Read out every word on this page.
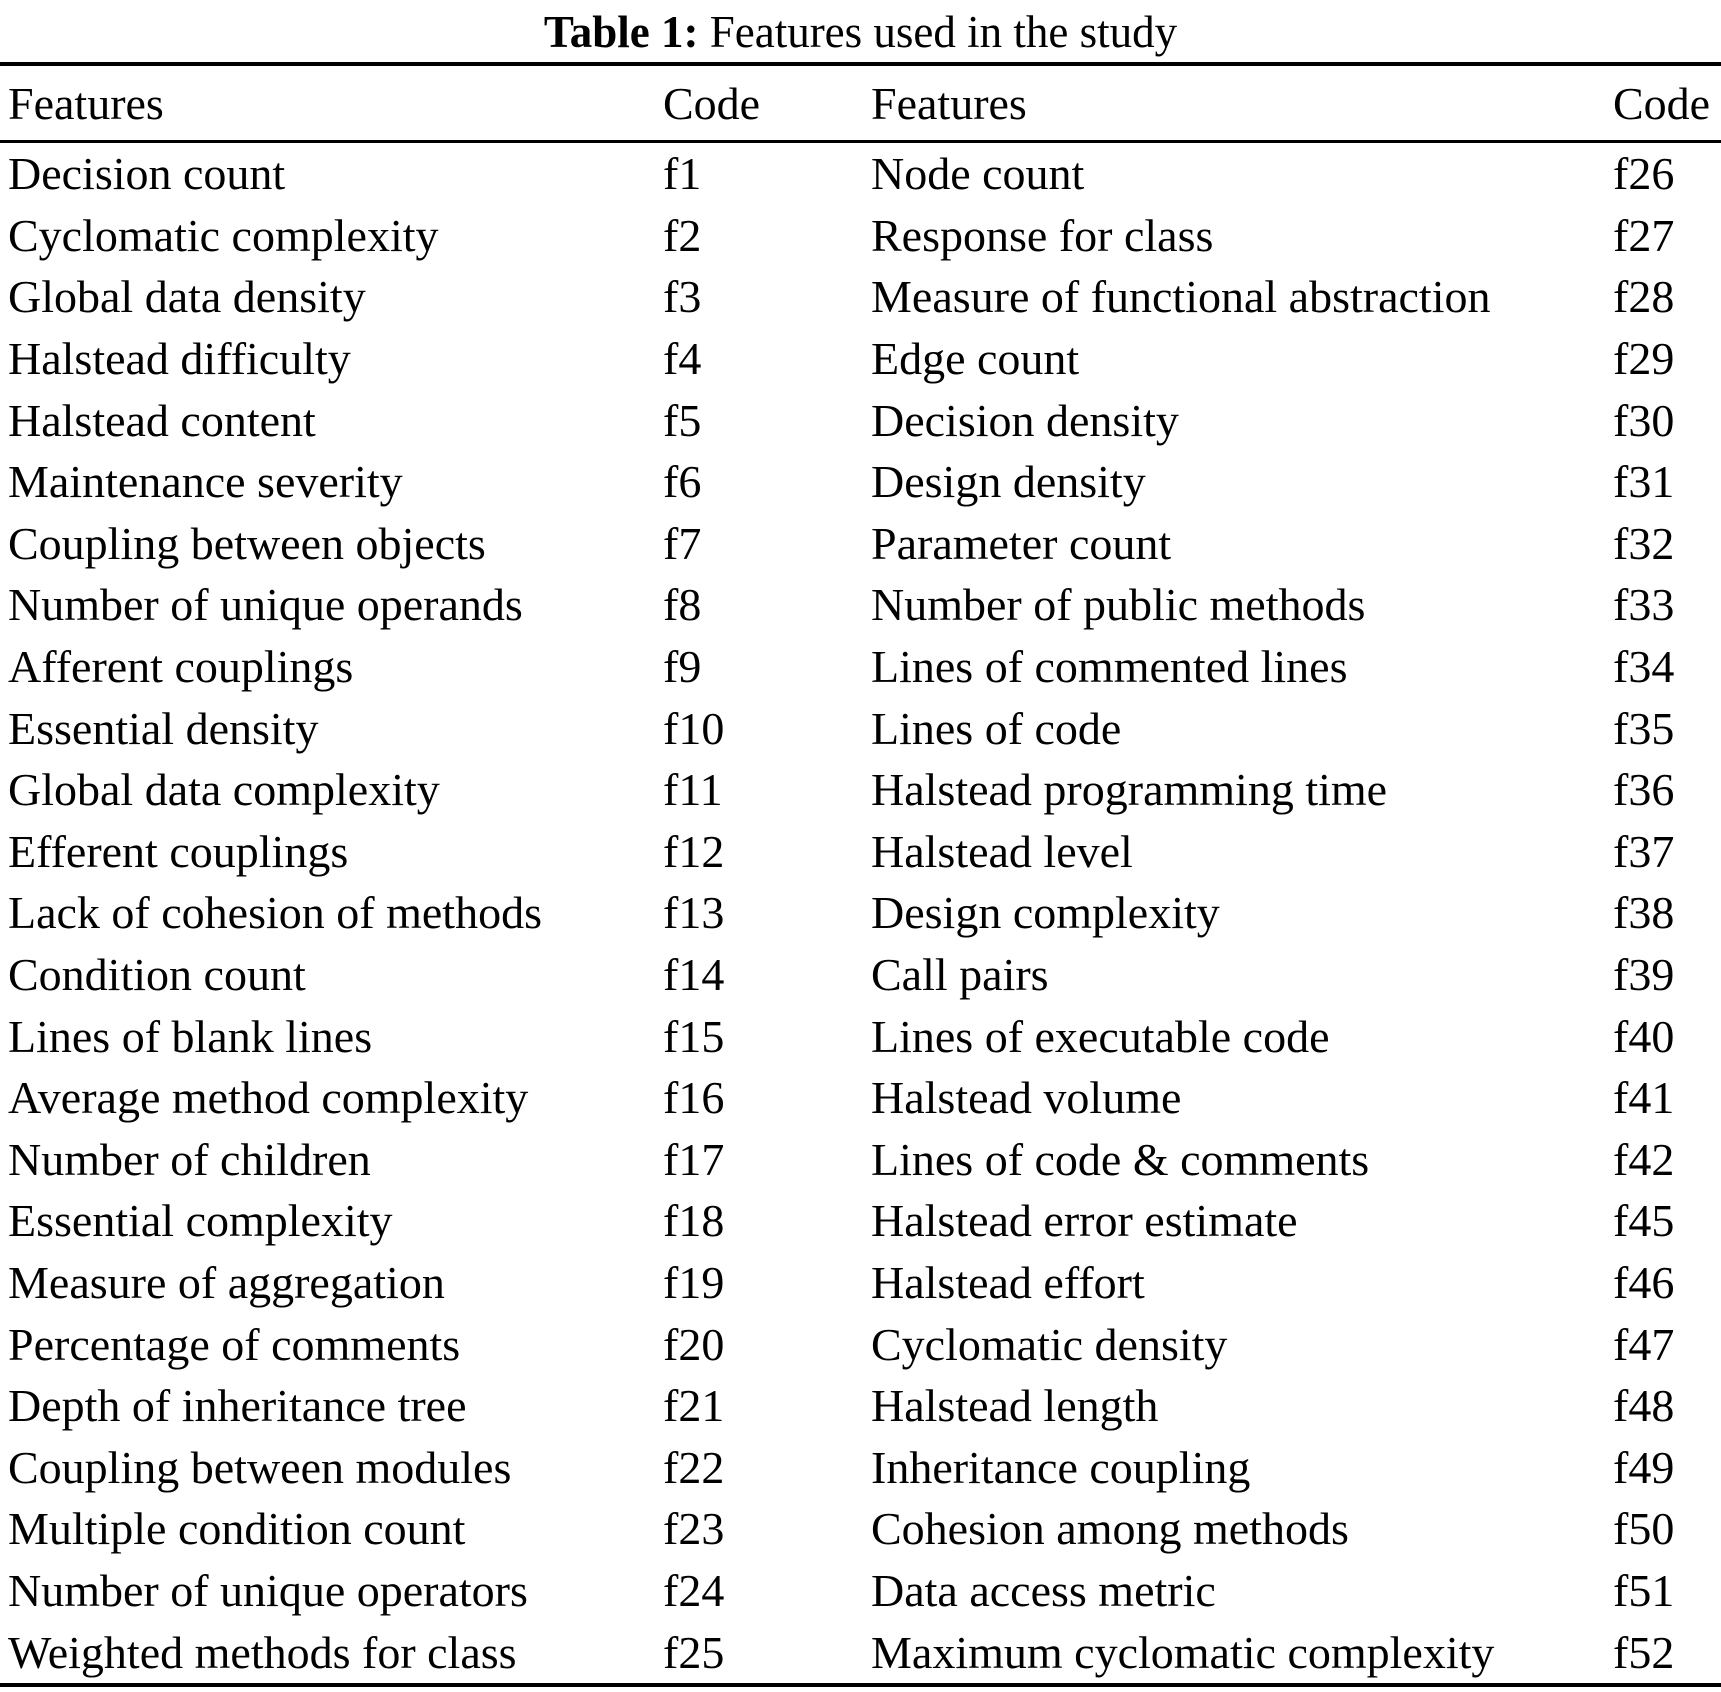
Table 1: Features used in the study
Features	Code	Features	Code
Decision count	f1	Node count	f26
Cyclomatic complexity	f2	Response for class	f27
Global data density	f3	Measure of functional abstraction	f28
Halstead difficulty	f4	Edge count	f29
Halstead content	f5	Decision density	f30
Maintenance severity	f6	Design density	f31
Coupling between objects	f7	Parameter count	f32
Number of unique operands	f8	Number of public methods	f33
Afferent couplings	f9	Lines of commented lines	f34
Essential density	f10	Lines of code	f35
Global data complexity	f11	Halstead programming time	f36
Efferent couplings	f12	Halstead level	f37
Lack of cohesion of methods	f13	Design complexity	f38
Condition count	f14	Call pairs	f39
Lines of blank lines	f15	Lines of executable code	f40
Average method complexity	f16	Halstead volume	f41
Number of children	f17	Lines of code & comments	f42
Essential complexity	f18	Halstead error estimate	f45
Measure of aggregation	f19	Halstead effort	f46
Percentage of comments	f20	Cyclomatic density	f47
Depth of inheritance tree	f21	Halstead length	f48
Coupling between modules	f22	Inheritance coupling	f49
Multiple condition count	f23	Cohesion among methods	f50
Number of unique operators	f24	Data access metric	f51
Weighted methods for class	f25	Maximum cyclomatic complexity	f52
